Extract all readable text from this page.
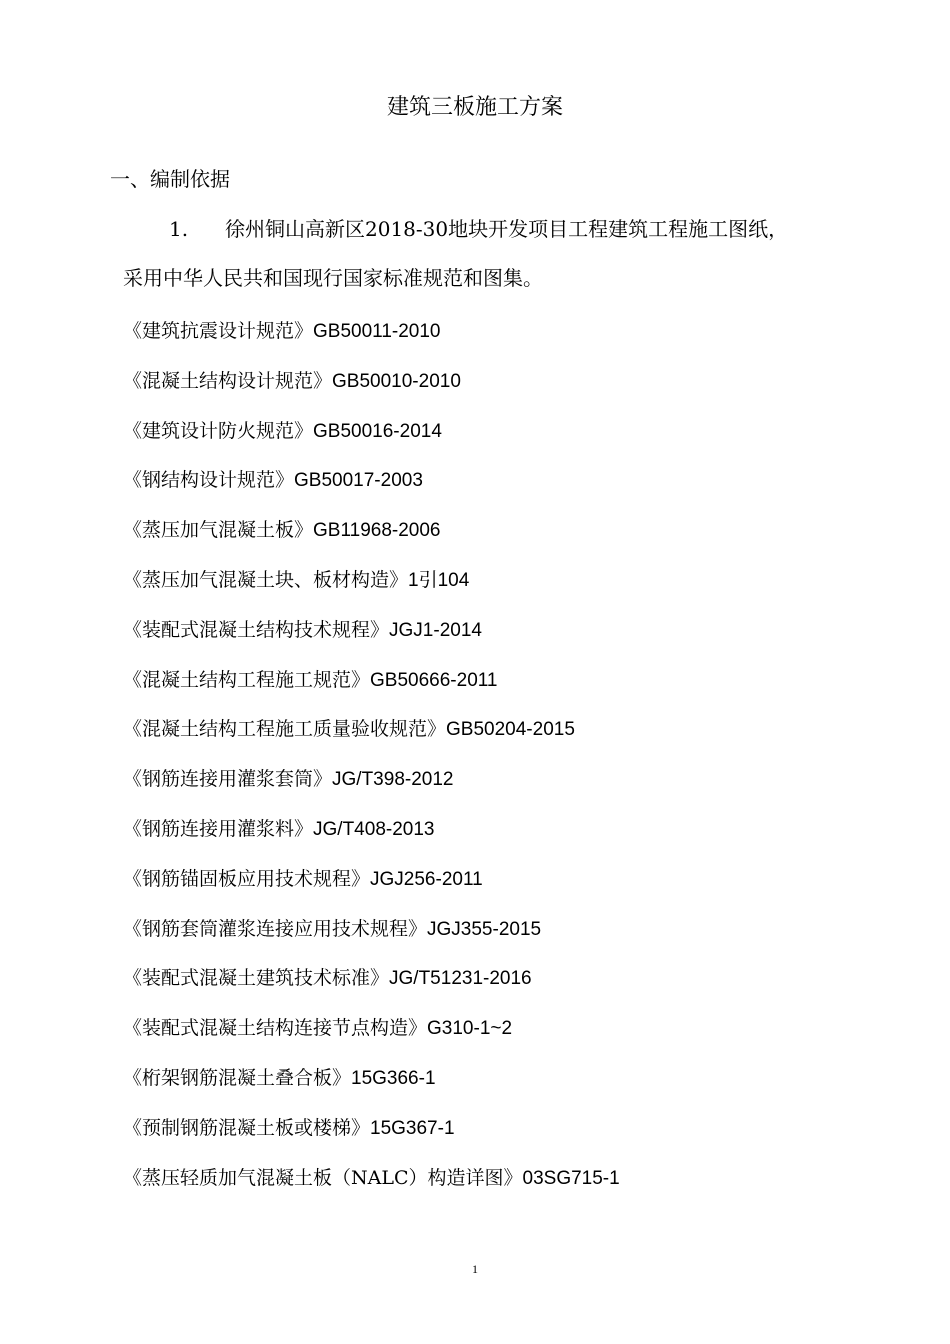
建筑三板施工方案
一、编制依据
1. 徐州铜山高新区2018-30地块开发项目工程建筑工程施工图纸，
采用中华人民共和国现行国家标准规范和图集。
《建筑抗震设计规范》GB50011-2010
《混凝土结构设计规范》GB50010-2010
《建筑设计防火规范》GB50016-2014
《钢结构设计规范》GB50017-2003
《蒸压加气混凝土板》GB11968-2006
《蒸压加气混凝土块、板材构造》1引104
《装配式混凝土结构技术规程》JGJ1-2014
《混凝土结构工程施工规范》GB50666-2011
《混凝土结构工程施工质量验收规范》GB50204-2015
《钢筋连接用灌浆套筒》JG/T398-2012
《钢筋连接用灌浆料》JG/T408-2013
《钢筋锚固板应用技术规程》JGJ256-2011
《钢筋套筒灌浆连接应用技术规程》JGJ355-2015
《装配式混凝土建筑技术标准》JG/T51231-2016
《装配式混凝土结构连接节点构造》G310-1~2
《桁架钢筋混凝土叠合板》15G366-1
《预制钢筋混凝土板或楼梯》15G367-1
《蒸压轻质加气混凝土板（NALC）构造详图》03SG715-1
1
